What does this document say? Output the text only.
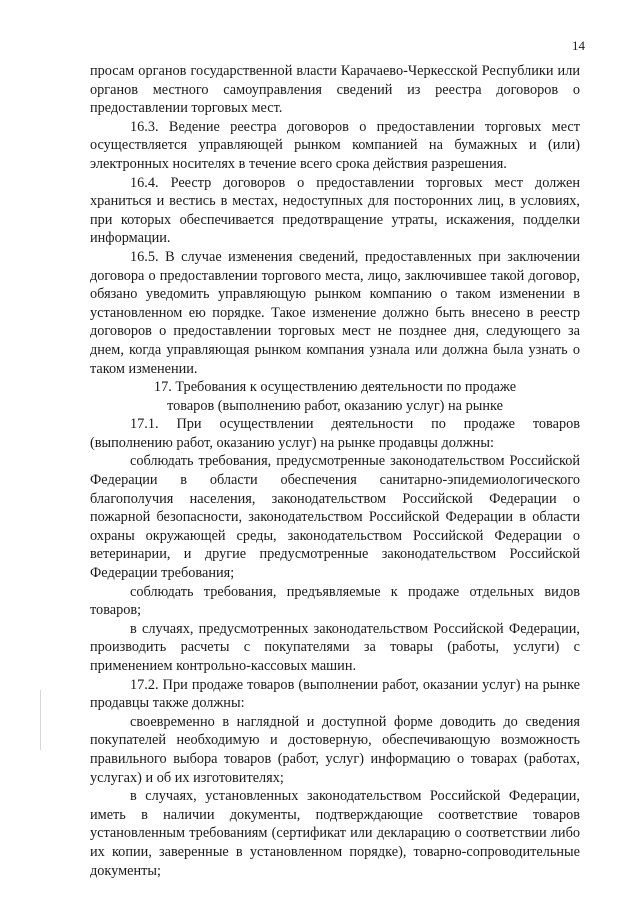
14

просам органов государственной власти Карачаево-Черкесской Республики или органов местного самоуправления сведений из реестра договоров о предоставлении торговых мест.

16.3. Ведение реестра договоров о предоставлении торговых мест осуществляется управляющей рынком компанией на бумажных и (или) электронных носителях в течение всего срока действия разрешения.

16.4. Реестр договоров о предоставлении торговых мест должен храниться и вестись в местах, недоступных для посторонних лиц, в условиях, при которых обеспечивается предотвращение утраты, искажения, подделки информации.

16.5. В случае изменения сведений, предоставленных при заключении договора о предоставлении торгового места, лицо, заключившее такой договор, обязано уведомить управляющую рынком компанию о таком изменении в установленном ею порядке. Такое изменение должно быть внесено в реестр договоров о предоставлении торговых мест не позднее дня, следующего за днем, когда управляющая рынком компания узнала или должна была узнать о таком изменении.

17. Требования к осуществлению деятельности по продаже товаров (выполнению работ, оказанию услуг) на рынке

17.1. При осуществлении деятельности по продаже товаров (выполнению работ, оказанию услуг) на рынке продавцы должны:

соблюдать требования, предусмотренные законодательством Российской Федерации в области обеспечения санитарно-эпидемиологического благополучия населения, законодательством Российской Федерации о пожарной безопасности, законодательством Российской Федерации в области охраны окружающей среды, законодательством Российской Федерации о ветеринарии, и другие предусмотренные законодательством Российской Федерации требования;

соблюдать требования, предъявляемые к продаже отдельных видов товаров;

в случаях, предусмотренных законодательством Российской Федерации, производить расчеты с покупателями за товары (работы, услуги) с применением контрольно-кассовых машин.

17.2. При продаже товаров (выполнении работ, оказании услуг) на рынке продавцы также должны:

своевременно в наглядной и доступной форме доводить до сведения покупателей необходимую и достоверную, обеспечивающую возможность правильного выбора товаров (работ, услуг) информацию о товарах (работах, услугах) и об их изготовителях;

в случаях, установленных законодательством Российской Федерации, иметь в наличии документы, подтверждающие соответствие товаров установленным требованиям (сертификат или декларацию о соответствии либо их копии, заверенные в установленном порядке), товарно-сопроводительные документы;
